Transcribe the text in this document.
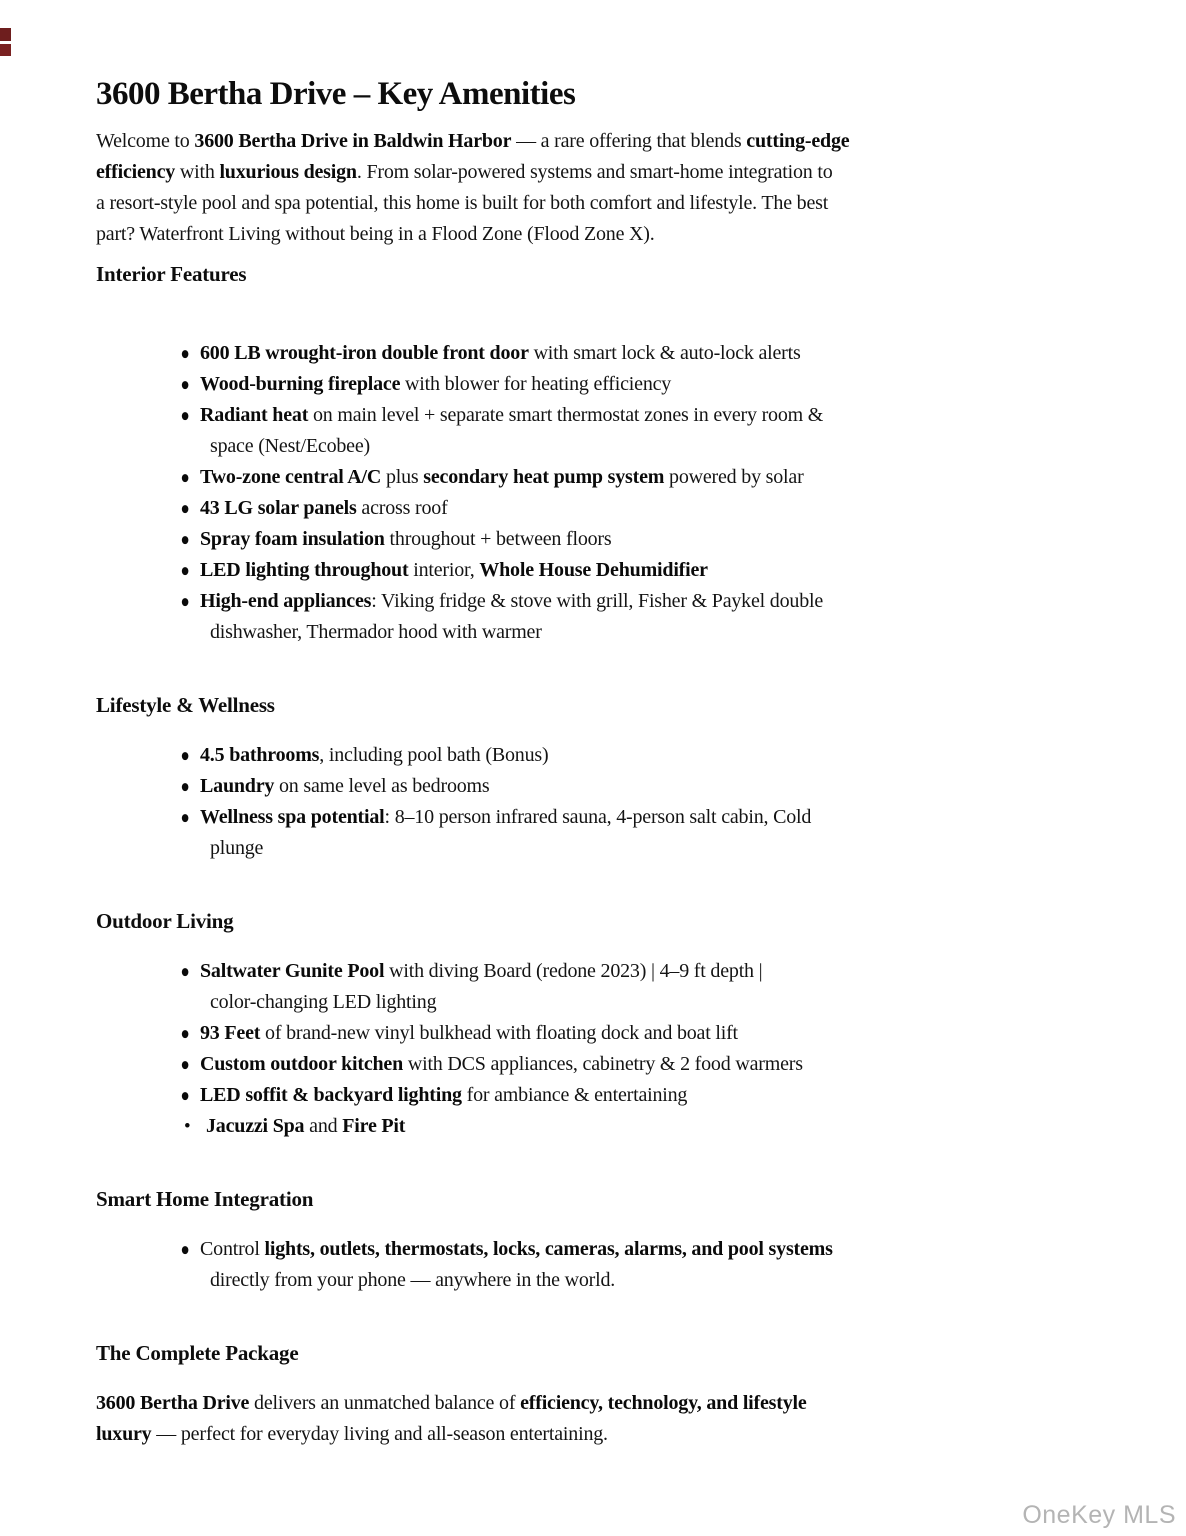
3600 Bertha Drive – Key Amenities
Welcome to 3600 Bertha Drive in Baldwin Harbor — a rare offering that blends cutting-edge
efficiency with luxurious design. From solar-powered systems and smart-home integration to
a resort-style pool and spa potential, this home is built for both comfort and lifestyle. The best
part? Waterfront Living without being in a Flood Zone (Flood Zone X).
Interior Features
● 600 LB wrought-iron double front door with smart lock & auto-lock alerts
● Wood-burning fireplace with blower for heating efficiency
● Radiant heat on main level + separate smart thermostat zones in every room &
space (Nest/Ecobee)
● Two-zone central A/C plus secondary heat pump system powered by solar
● 43 LG solar panels across roof
● Spray foam insulation throughout + between floors
● LED lighting throughout interior, Whole House Dehumidifier
● High-end appliances: Viking fridge & stove with grill, Fisher & Paykel double
dishwasher, Thermador hood with warmer
Lifestyle & Wellness
● 4.5 bathrooms, including pool bath (Bonus)
● Laundry on same level as bedrooms
● Wellness spa potential: 8–10 person infrared sauna, 4-person salt cabin, Cold
plunge
Outdoor Living
● Saltwater Gunite Pool with diving Board (redone 2023) | 4–9 ft depth |
color-changing LED lighting
● 93 Feet of brand-new vinyl bulkhead with floating dock and boat lift
● Custom outdoor kitchen with DCS appliances, cabinetry & 2 food warmers
● LED soffit & backyard lighting for ambiance & entertaining
• Jacuzzi Spa and Fire Pit
Smart Home Integration
● Control lights, outlets, thermostats, locks, cameras, alarms, and pool systems
directly from your phone — anywhere in the world.
The Complete Package
3600 Bertha Drive delivers an unmatched balance of efficiency, technology, and lifestyle
luxury — perfect for everyday living and all-season entertaining.
OneKey MLS
